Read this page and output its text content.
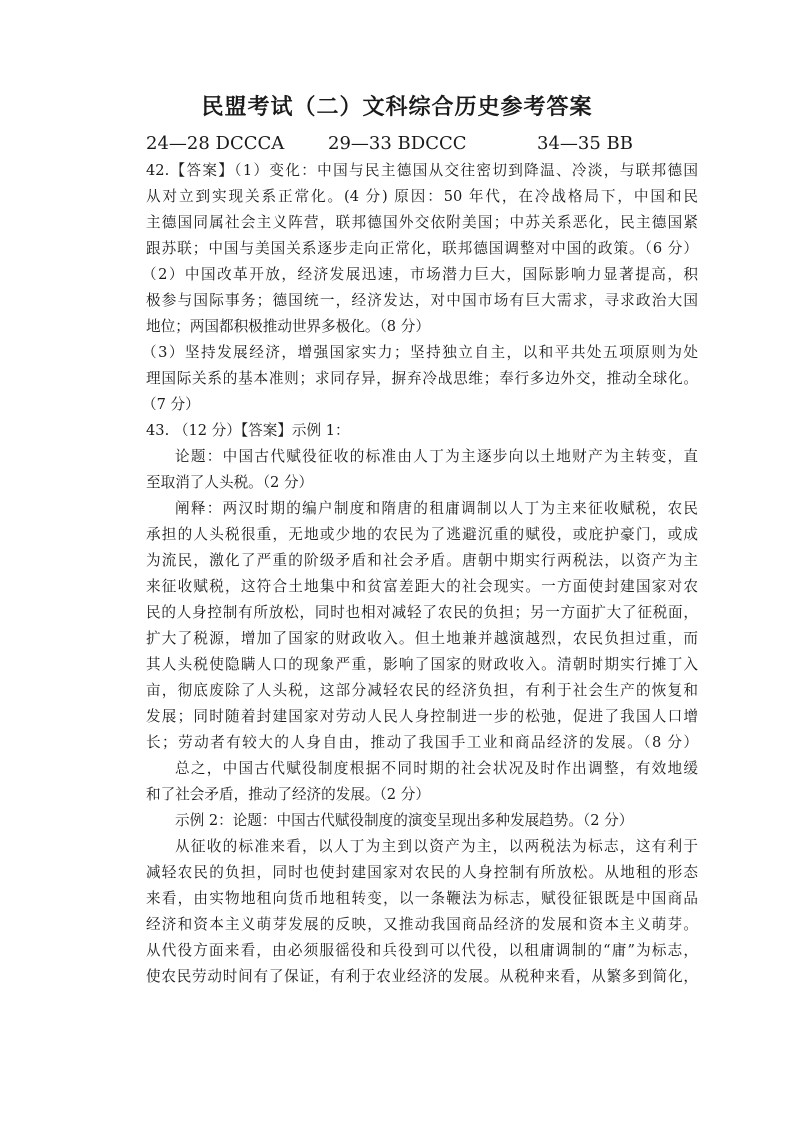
民盟考试（二）文科综合历史参考答案
24—28 DCCCA 29—33 BDCCC	34—35 BB
42.【答案】（1）变化：中国与民主德国从交往密切到降温、冷淡，与联邦德国
从对立到实现关系正常化。(4 分) 原因：50 年代，在冷战格局下，中国和民
主德国同属社会主义阵营，联邦德国外交依附美国；中苏关系恶化，民主德国紧
跟苏联；中国与美国关系逐步走向正常化，联邦德国调整对中国的政策。（6 分）
（2）中国改革开放，经济发展迅速，市场潜力巨大，国际影响力显著提高，积
极参与国际事务；德国统一，经济发达，对中国市场有巨大需求，寻求政治大国
地位；两国都积极推动世界多极化。（8 分）
（3）坚持发展经济，增强国家实力；坚持独立自主，以和平共处五项原则为处
理国际关系的基本准则；求同存异，摒弃冷战思维；奉行多边外交，推动全球化。
（7 分）
43. （12 分）【答案】示例 1：
论题：中国古代赋役征收的标准由人丁为主逐步向以土地财产为主转变，直
至取消了人头税。（2 分）
阐释：两汉时期的编户制度和隋唐的租庸调制以人丁为主来征收赋税，农民
承担的人头税很重，无地或少地的农民为了逃避沉重的赋役，或庇护豪门，或成
为流民，激化了严重的阶级矛盾和社会矛盾。唐朝中期实行两税法，以资产为主
来征收赋税，这符合土地集中和贫富差距大的社会现实。一方面使封建国家对农
民的人身控制有所放松，同时也相对减轻了农民的负担；另一方面扩大了征税面，
扩大了税源，增加了国家的财政收入。但土地兼并越演越烈，农民负担过重，而
其人头税使隐瞒人口的现象严重，影响了国家的财政收入。清朝时期实行摊丁入
亩，彻底废除了人头税，这部分减轻农民的经济负担，有利于社会生产的恢复和
发展；同时随着封建国家对劳动人民人身控制进一步的松弛，促进了我国人口增
长；劳动者有较大的人身自由，推动了我国手工业和商品经济的发展。（8 分）
总之，中国古代赋役制度根据不同时期的社会状况及时作出调整，有效地缓
和了社会矛盾，推动了经济的发展。（2 分）
示例 2：论题：中国古代赋役制度的演变呈现出多种发展趋势。（2 分）
从征收的标准来看，以人丁为主到以资产为主，以两税法为标志，这有利于
减轻农民的负担，同时也使封建国家对农民的人身控制有所放松。从地租的形态
来看，由实物地租向货币地租转变，以一条鞭法为标志，赋役征银既是中国商品
经济和资本主义萌芽发展的反映，又推动我国商品经济的发展和资本主义萌芽。
从代役方面来看，由必须服徭役和兵役到可以代役，以租庸调制的“庸”为标志，
使农民劳动时间有了保证，有利于农业经济的发展。从税种来看，从繁多到简化，
